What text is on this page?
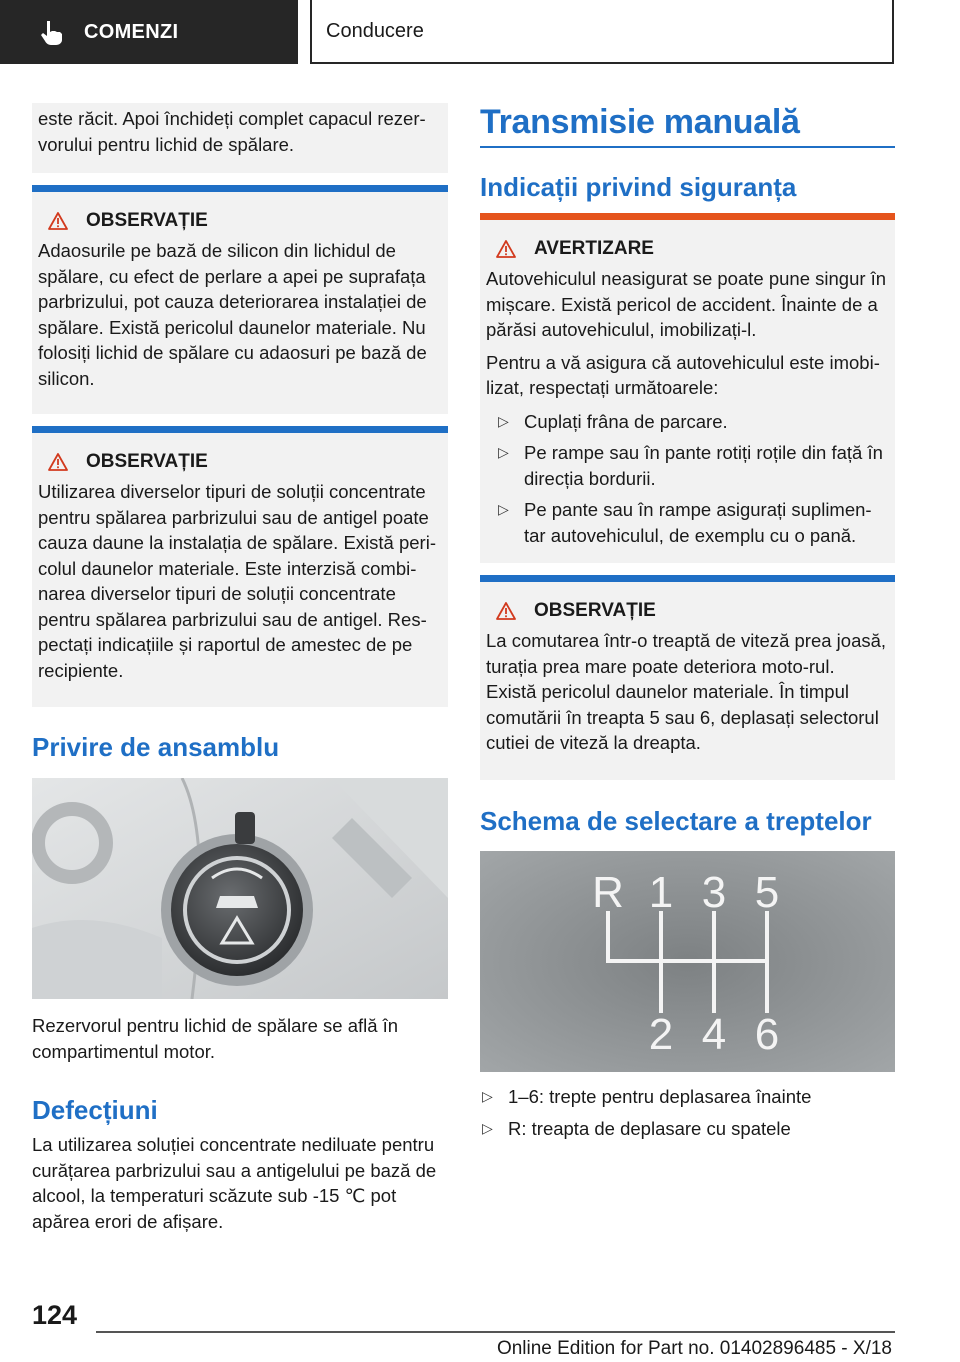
COMENZI	Conducere

este răcit. Apoi închideți complet capacul rezer-vorului pentru lichid de spălare.

OBSERVAȚIE

Adaosurile pe bază de silicon din lichidul de spălare, cu efect de perlare a apei pe suprafața parbrizului, pot cauza deteriorarea instalației de spălare. Există pericolul daunelor materiale. Nu folosiți lichid de spălare cu adaosuri pe bază de silicon.

OBSERVAȚIE

Utilizarea diverselor tipuri de soluții concentrate pentru spălarea parbrizului sau de antigel poate cauza daune la instalația de spălare. Există peri-colul daunelor materiale. Este interzisă combi-narea diverselor tipuri de soluții concentrate pentru spălarea parbrizului sau de antigel. Res-pectați indicațiile și raportul de amestec de pe recipiente.

Privire de ansamblu

Rezervorul pentru lichid de spălare se află în compartimentul motor.

Defecțiuni

La utilizarea soluției concentrate nediluate pentru curățarea parbrizului sau a antigelului pe bază de alcool, la temperaturi scăzute sub -15 ℃ pot apărea erori de afișare.

Transmisie manuală
Indicații privind siguranța
AVERTIZARE

Autovehiculul neasigurat se poate pune singur în mișcare. Există pericol de accident. Înainte de a părăsi autovehiculul, imobilizați-l.

Pentru a vă asigura că autovehiculul este imobi-lizat, respectați următoarele:

▷ Cuplați frâna de parcare.
▷ Pe rampe sau în pante rotiți roțile din față în direcția bordurii.
▷ Pe pante sau în rampe asigurați suplimen-tar autovehiculul, de exemplu cu o pană.
OBSERVAȚIE

La comutarea într-o treaptă de viteză prea joasă, turația prea mare poate deteriora moto-rul. Există pericolul daunelor materiale. În timpul comutării în treapta 5 sau 6, deplasați selectorul cutiei de viteză la dreapta.

Schema de selectare a treptelor
R 1 3 5
2 4 6
▷ 1–6: trepte pentru deplasarea înainte
▷ R: treapta de deplasare cu spatele
124
Online Edition for Part no. 01402896485 - X/18
